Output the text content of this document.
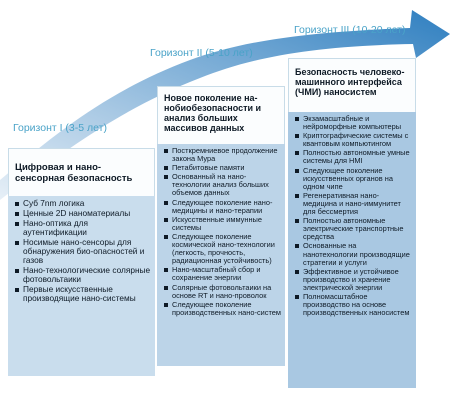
Горизонт I (3-5 лет)
Горизонт II (5-10 лет)
Горизонт III (10-20 лет)
Цифровая и нано-сенсорная безопасность
Суб 7nm логика
Ценные 2D наноматериалы
Нано-оптика для аутентификации
Носимые нано-сенсоры для обнаружения био-опасностей и газов
Нано-технологические солярные фотовольтаики
Первые искусственные производящие нано-системы
Новое поколение на-нобиобезопасности и анализ больших массивов данных
Посткремниевое продолжение закона Мура
Петабитовые памяти
Основанный на нано-технологии анализ больших объемов данных
Следующее поколение нано-медицины и нано-терапии
Искусственные иммунные системы
Следующее поколение космической нано-технологии (легкость, прочность, радиационная устойчивость)
Нано-масштабный сбор и сохранение энергии
Солярные фотовольтаики на основе RT и нано-проволок
Следующее поколение производственных нано-систем
Безопасность человеко-машинного интерфейса (ЧМИ) наносистем
Экзамасштабные и нейроморфные компьютеры
Криптографические системы с квантовым компьютингом
Полностью автономные умные системы для HMI
Следующее поколение искусственных органов на одном чипе
Регенеративная нано-медицина и нано-иммунитет для бессмертия
Полностью автономные электрические транспортные средства
Основанные на нанотехнологии производящие стратегии и услуги
Эффективное и устойчивое производство и хранение электрической энергии
Полномасштабное производство на основе производственных наносистем
